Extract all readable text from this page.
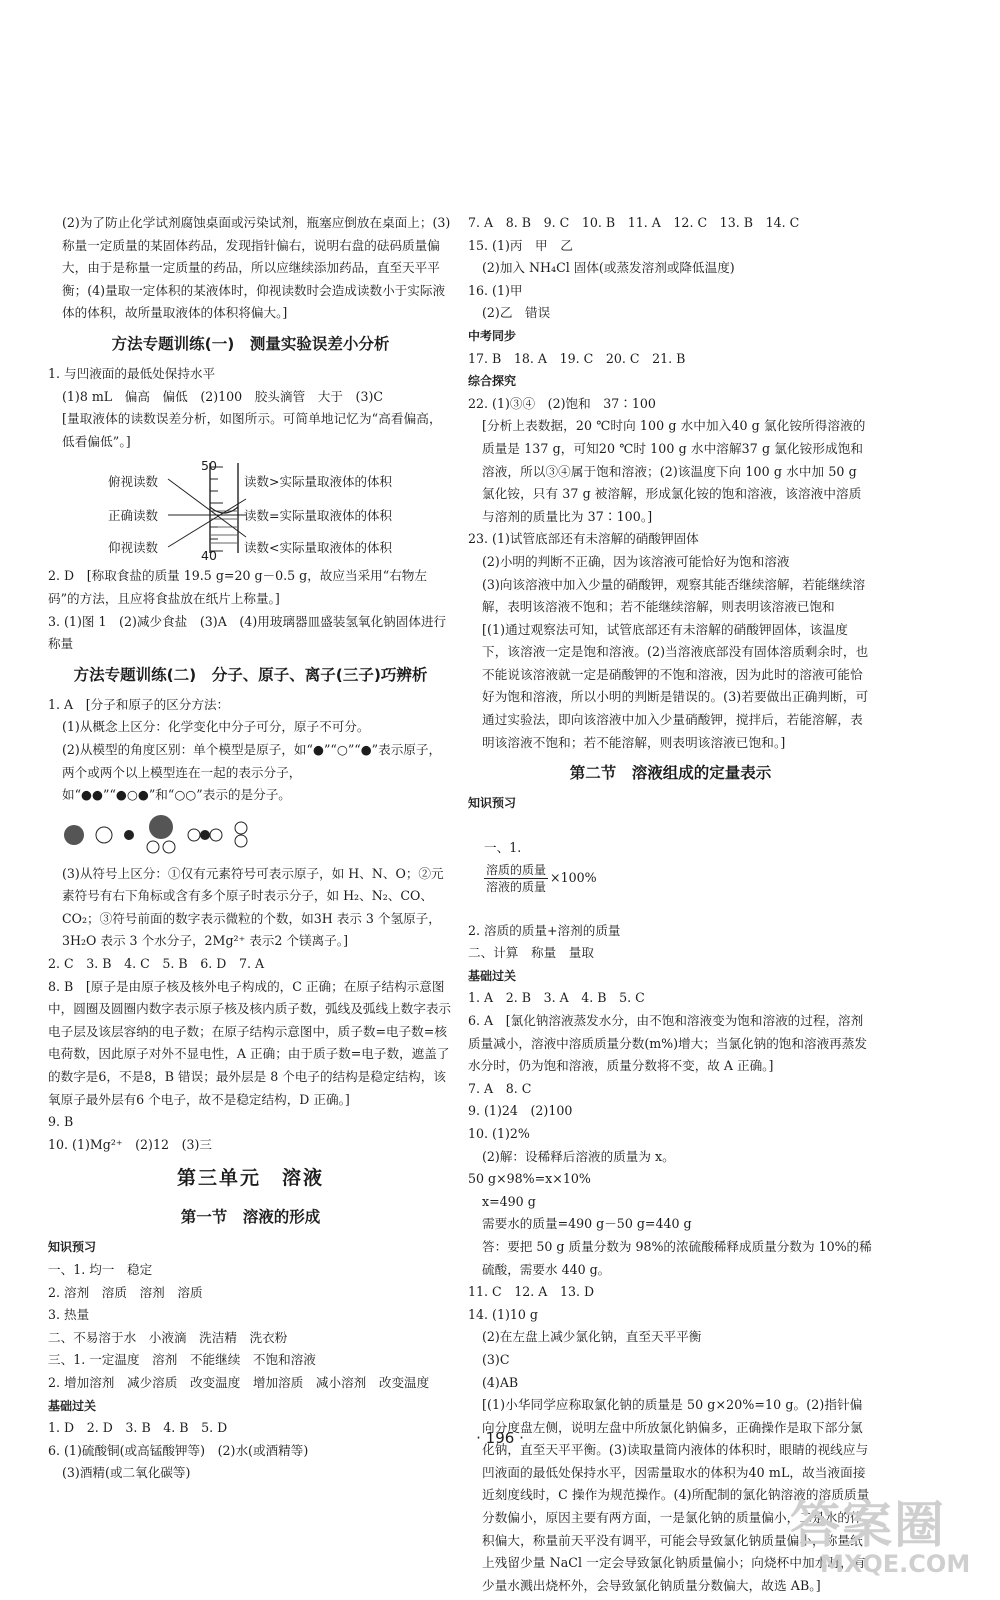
(2)为了防止化学试剂腐蚀桌面或污染试剂，瓶塞应倒放在桌面上；(3)称量一定质量的某固体药品，发现指针偏右，说明右盘的砝码质量偏大，由于是称量一定质量的药品，所以应继续添加药品，直至天平平衡；(4)量取一定体积的某液体时，仰视读数时会造成读数小于实际液体的体积，故所量取液体的体积将偏大。]

方法专题训练(一)　测量实验误差小分析

1. 与凹液面的最低处保持水平

(1)8 mL　偏高　偏低　(2)100　胶头滴管　大于　(3)C

[量取液体的读数误差分析，如图所示。可简单地记忆为“高看偏高，低看偏低”。]

50
40
俯视读数
正确读数
仰视读数
读数>实际量取液体的体积
读数=实际量取液体的体积
读数<实际量取液体的体积

2. D　[称取食盐的质量 19.5 g=20 g－0.5 g，故应当采用“右物左码”的方法，且应将食盐放在纸片上称量。]

3. (1)图 1　(2)减少食盐　(3)A　(4)用玻璃器皿盛装氢氧化钠固体进行称量

方法专题训练(二)　分子、原子、离子(三子)巧辨析

1. A　[分子和原子的区分方法：

(1)从概念上区分：化学变化中分子可分，原子不可分。

(2)从模型的角度区别：单个模型是原子，如“●”“○”“●”表示原子，两个或两个以上模型连在一起的表示分子，如“●●”“●○●”和“○○”表示的是分子。

(3)从符号上区分：①仅有元素符号可表示原子，如 H、N、O；②元素符号有右下角标或含有多个原子时表示分子，如 H₂、N₂、CO、CO₂；③符号前面的数字表示微粒的个数，如3H 表示 3 个氢原子，3H₂O 表示 3 个水分子，2Mg²⁺ 表示2 个镁离子。]

2. C　3. B　4. C　5. B　6. D　7. A

8. B　[原子是由原子核及核外电子构成的，C 正确；在原子结构示意图中，圆圈及圆圈内数字表示原子核及核内质子数，弧线及弧线上数字表示电子层及该层容纳的电子数；在原子结构示意图中，质子数=电子数=核电荷数，因此原子对外不显电性，A 正确；由于质子数=电子数，遮盖了的数字是6，不是8，B 错误；最外层是 8 个电子的结构是稳定结构，该氧原子最外层有6 个电子，故不是稳定结构，D 正确。]

9. B

10. (1)Mg²⁺　(2)12　(3)三

第三单元　溶液
第一节　溶液的形成

知识预习

一、1. 均一　稳定

2. 溶剂　溶质　溶剂　溶质

3. 热量

二、不易溶于水　小液滴　洗洁精　洗衣粉

三、1. 一定温度　溶剂　不能继续　不饱和溶液

2. 增加溶剂　减少溶质　改变温度　增加溶质　减小溶剂　改变温度

基础过关

1. D　2. D　3. B　4. B　5. D

6. (1)硫酸铜(或高锰酸钾等)　(2)水(或酒精等)

(3)酒精(或二氧化碳等)

7. A　8. B　9. C　10. B　11. A　12. C　13. B　14. C

15. (1)丙　甲　乙

(2)加入 NH₄Cl 固体(或蒸发溶剂或降低温度)

16. (1)甲

(2)乙　错误

中考同步

17. B　18. A　19. C　20. C　21. B

综合探究

22. (1)③④　(2)饱和　37∶100

[分析上表数据，20 ℃时向 100 g 水中加入40 g 氯化铵所得溶液的质量是 137 g，可知20 ℃时 100 g 水中溶解37 g 氯化铵形成饱和溶液，所以③④属于饱和溶液；(2)该温度下向 100 g 水中加 50 g 氯化铵，只有 37 g 被溶解，形成氯化铵的饱和溶液，该溶液中溶质与溶剂的质量比为 37∶100。]

23. (1)试管底部还有未溶解的硝酸钾固体

(2)小明的判断不正确，因为该溶液可能恰好为饱和溶液

(3)向该溶液中加入少量的硝酸钾，观察其能否继续溶解，若能继续溶解，表明该溶液不饱和；若不能继续溶解，则表明该溶液已饱和

[(1)通过观察法可知，试管底部还有未溶解的硝酸钾固体，该温度下，该溶液一定是饱和溶液。(2)当溶液底部没有固体溶质剩余时，也不能说该溶液就一定是硝酸钾的不饱和溶液，因为此时的溶液可能恰好为饱和溶液，所以小明的判断是错误的。(3)若要做出正确判断，可通过实验法，即向该溶液中加入少量硝酸钾，搅拌后，若能溶解，表明该溶液不饱和；若不能溶解，则表明该溶液已饱和。]

第二节　溶液组成的定量表示

知识预习

一、1.

$\frac{\text{溶质的质量}}{\text{溶液的质量}} \times 100\%$

2. 溶质的质量+溶剂的质量

二、计算　称量　量取

基础过关

1. A　2. B　3. A　4. B　5. C

6. A　[氯化钠溶液蒸发水分，由不饱和溶液变为饱和溶液的过程，溶剂质量减小，溶液中溶质质量分数(m%)增大；当氯化钠的饱和溶液再蒸发水分时，仍为饱和溶液，质量分数将不变，故 A 正确。]

7. A　8. C

9. (1)24　(2)100

10. (1)2%

(2)解：设稀释后溶液的质量为 x。

50 g×98%=x×10%

x=490 g

需要水的质量=490 g－50 g=440 g

答：要把 50 g 质量分数为 98%的浓硫酸稀释成质量分数为 10%的稀硫酸，需要水 440 g。

11. C　12. A　13. D

14. (1)10 g

(2)在左盘上减少氯化钠，直至天平平衡

(3)C

(4)AB

[(1)小华同学应称取氯化钠的质量是 50 g×20%=10 g。(2)指针偏向分度盘左侧，说明左盘中所放氯化钠偏多，正确操作是取下部分氯化钠，直至天平平衡。(3)读取量筒内液体的体积时，眼睛的视线应与凹液面的最低处保持水平，因需量取水的体积为40 mL，故当液面接近刻度线时，C 操作为规范操作。(4)所配制的氯化钠溶液的溶质质量分数偏小，原因主要有两方面，一是氯化钠的质量偏小，二是水的体积偏大，称量前天平没有调平，可能会导致氯化钠质量偏小，称量纸上残留少量 NaCl 一定会导致氯化钠质量偏小；向烧杯中加水时，有少量水溅出烧杯外，会导致氯化钠质量分数偏大，故选 AB。]

· 196 ·
答案圈
MXQE.COM
